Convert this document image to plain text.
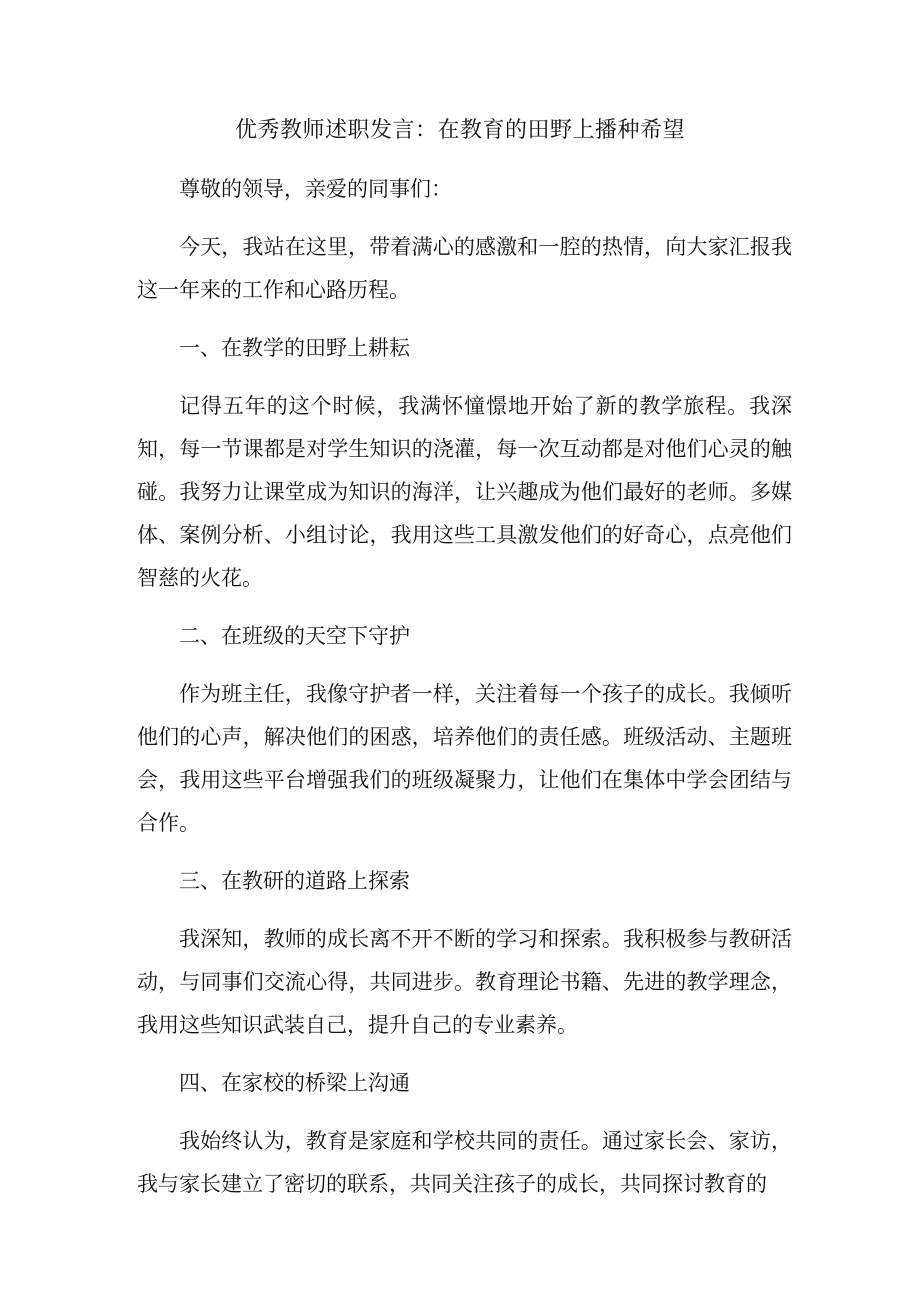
优秀教师述职发言：在教育的田野上播种希望

尊敬的领导，亲爱的同事们：

今天，我站在这里，带着满心的感激和一腔的热情，向大家汇报我这一年来的工作和心路历程。

一、在教学的田野上耕耘

记得五年的这个时候，我满怀憧憬地开始了新的教学旅程。我深知，每一节课都是对学生知识的浇灌，每一次互动都是对他们心灵的触碰。我努力让课堂成为知识的海洋，让兴趣成为他们最好的老师。多媒体、案例分析、小组讨论，我用这些工具激发他们的好奇心，点亮他们智慈的火花。

二、在班级的天空下守护

作为班主任，我像守护者一样，关注着每一个孩子的成长。我倾听他们的心声，解决他们的困惑，培养他们的责任感。班级活动、主题班会，我用这些平台增强我们的班级凝聚力，让他们在集体中学会团结与合作。

三、在教研的道路上探索

我深知，教师的成长离不开不断的学习和探索。我积极参与教研活动，与同事们交流心得，共同进步。教育理论书籍、先进的教学理念，我用这些知识武装自己，提升自己的专业素养。

四、在家校的桥梁上沟通

我始终认为，教育是家庭和学校共同的责任。通过家长会、家访，我与家长建立了密切的联系，共同关注孩子的成长，共同探讨教育的
